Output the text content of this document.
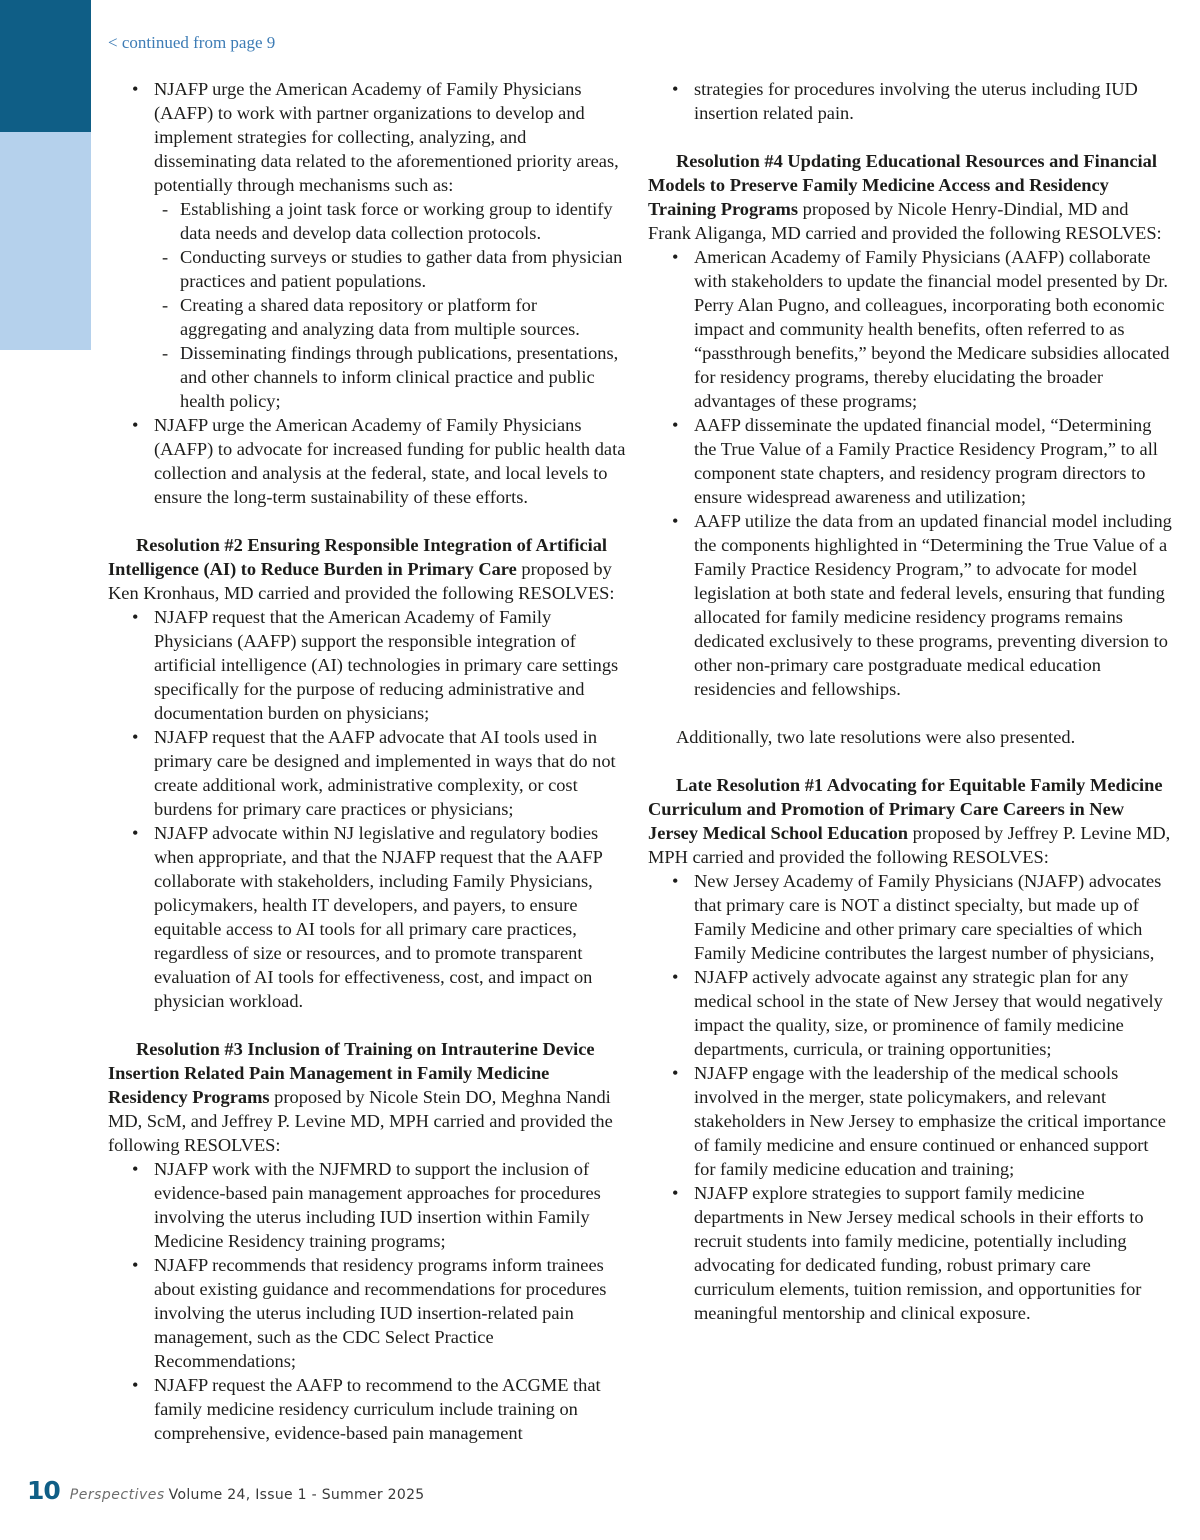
< continued from page 9
• NJAFP urge the American Academy of Family Physicians (AAFP) to work with partner organizations to develop and implement strategies for collecting, analyzing, and disseminating data related to the aforementioned priority areas, potentially through mechanisms such as:
- Establishing a joint task force or working group to identify data needs and develop data collection protocols.
- Conducting surveys or studies to gather data from physician practices and patient populations.
- Creating a shared data repository or platform for aggregating and analyzing data from multiple sources.
- Disseminating findings through publications, presentations, and other channels to inform clinical practice and public health policy;
• NJAFP urge the American Academy of Family Physicians (AAFP) to advocate for increased funding for public health data collection and analysis at the federal, state, and local levels to ensure the long-term sustainability of these efforts.

Resolution #2 Ensuring Responsible Integration of Artificial Intelligence (AI) to Reduce Burden in Primary Care proposed by Ken Kronhaus, MD carried and provided the following RESOLVES:

• NJAFP request that the American Academy of Family Physicians (AAFP) support the responsible integration of artificial intelligence (AI) technologies in primary care settings specifically for the purpose of reducing administrative and documentation burden on physicians;
• NJAFP request that the AAFP advocate that AI tools used in primary care be designed and implemented in ways that do not create additional work, administrative complexity, or cost burdens for primary care practices or physicians;
• NJAFP advocate within NJ legislative and regulatory bodies when appropriate, and that the NJAFP request that the AAFP collaborate with stakeholders, including Family Physicians, policymakers, health IT developers, and payers, to ensure equitable access to AI tools for all primary care practices, regardless of size or resources, and to promote transparent evaluation of AI tools for effectiveness, cost, and impact on physician workload.

Resolution #3 Inclusion of Training on Intrauterine Device Insertion Related Pain Management in Family Medicine Residency Programs proposed by Nicole Stein DO, Meghna Nandi MD, ScM, and Jeffrey P. Levine MD, MPH carried and provided the following RESOLVES:

• NJAFP work with the NJFMRD to support the inclusion of evidence-based pain management approaches for procedures involving the uterus including IUD insertion within Family Medicine Residency training programs;
• NJAFP recommends that residency programs inform trainees about existing guidance and recommendations for procedures involving the uterus including IUD insertion-related pain management, such as the CDC Select Practice Recommendations;
• NJAFP request the AAFP to recommend to the ACGME that family medicine residency curriculum include training on comprehensive, evidence-based pain management
• strategies for procedures involving the uterus including IUD insertion related pain.

Resolution #4 Updating Educational Resources and Financial Models to Preserve Family Medicine Access and Residency Training Programs proposed by Nicole Henry-Dindial, MD and Frank Aliganga, MD carried and provided the following RESOLVES:

• American Academy of Family Physicians (AAFP) collaborate with stakeholders to update the financial model presented by Dr. Perry Alan Pugno, and colleagues, incorporating both economic impact and community health benefits, often referred to as “passthrough benefits,” beyond the Medicare subsidies allocated for residency programs, thereby elucidating the broader advantages of these programs;
• AAFP disseminate the updated financial model, “Determining the True Value of a Family Practice Residency Program,” to all component state chapters, and residency program directors to ensure widespread awareness and utilization;
• AAFP utilize the data from an updated financial model including the components highlighted in “Determining the True Value of a Family Practice Residency Program,” to advocate for model legislation at both state and federal levels, ensuring that funding allocated for family medicine residency programs remains dedicated exclusively to these programs, preventing diversion to other non-primary care postgraduate medical education residencies and fellowships.

Additionally, two late resolutions were also presented.

Late Resolution #1 Advocating for Equitable Family Medicine Curriculum and Promotion of Primary Care Careers in New Jersey Medical School Education proposed by Jeffrey P. Levine MD, MPH carried and provided the following RESOLVES:

• New Jersey Academy of Family Physicians (NJAFP) advocates that primary care is NOT a distinct specialty, but made up of Family Medicine and other primary care specialties of which Family Medicine contributes the largest number of physicians,
• NJAFP actively advocate against any strategic plan for any medical school in the state of New Jersey that would negatively impact the quality, size, or prominence of family medicine departments, curricula, or training opportunities;
• NJAFP engage with the leadership of the medical schools involved in the merger, state policymakers, and relevant stakeholders in New Jersey to emphasize the critical importance of family medicine and ensure continued or enhanced support for family medicine education and training;
• NJAFP explore strategies to support family medicine departments in New Jersey medical schools in their efforts to recruit students into family medicine, potentially including advocating for dedicated funding, robust primary care curriculum elements, tuition remission, and opportunities for meaningful mentorship and clinical exposure.
10 Perspectives Volume 24, Issue 1 - Summer 2025
